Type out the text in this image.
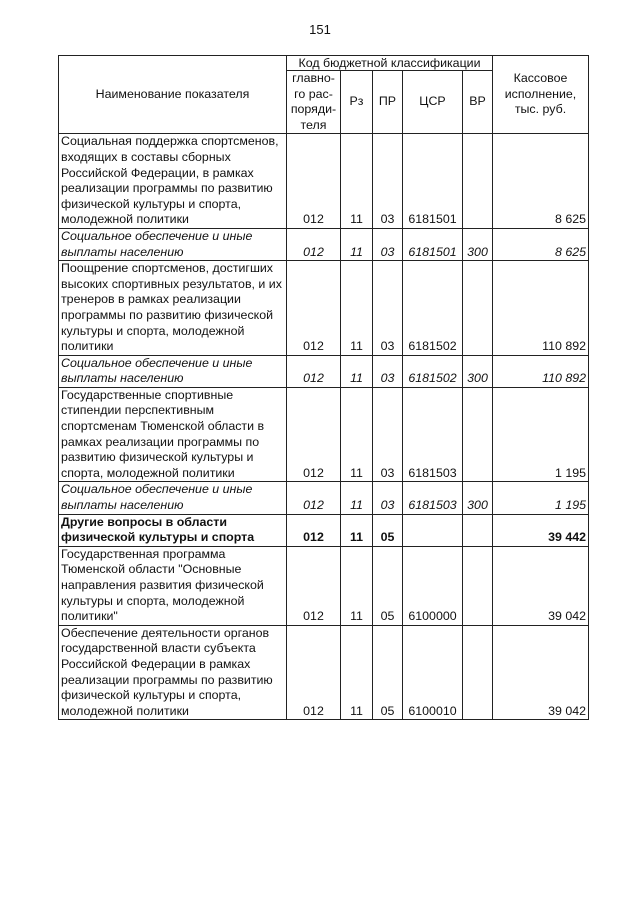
151
Наименование показателя	Код бюджетной классификации					Кассовое исполнение, тыс. руб.
	главно-го рас-поряди-теля	Рз	ПР	ЦСР	ВР	
Социальная поддержка спортсменов, входящих в составы сборных Российской Федерации, в рамках реализации программы по развитию физической культуры и спорта, молодежной политики	012	11	03	6181501		8 625
Социальное обеспечение и иные выплаты населению	012	11	03	6181501	300	8 625
Поощрение спортсменов, достигших высоких спортивных результатов, и их тренеров в рамках реализации программы по развитию физической культуры и спорта, молодежной политики	012	11	03	6181502		110 892
Социальное обеспечение и иные выплаты населению	012	11	03	6181502	300	110 892
Государственные спортивные стипендии перспективным спортсменам Тюменской области в рамках реализации программы по развитию физической культуры и спорта, молодежной политики	012	11	03	6181503		1 195
Социальное обеспечение и иные выплаты населению	012	11	03	6181503	300	1 195
Другие вопросы в области физической культуры и спорта	012	11	05			39 442
Государственная программа Тюменской области "Основные направления развития физической культуры и спорта, молодежной политики"	012	11	05	6100000		39 042
Обеспечение деятельности органов государственной власти субъекта Российской Федерации в рамках реализации программы по развитию физической культуры и спорта, молодежной политики	012	11	05	6100010		39 042
